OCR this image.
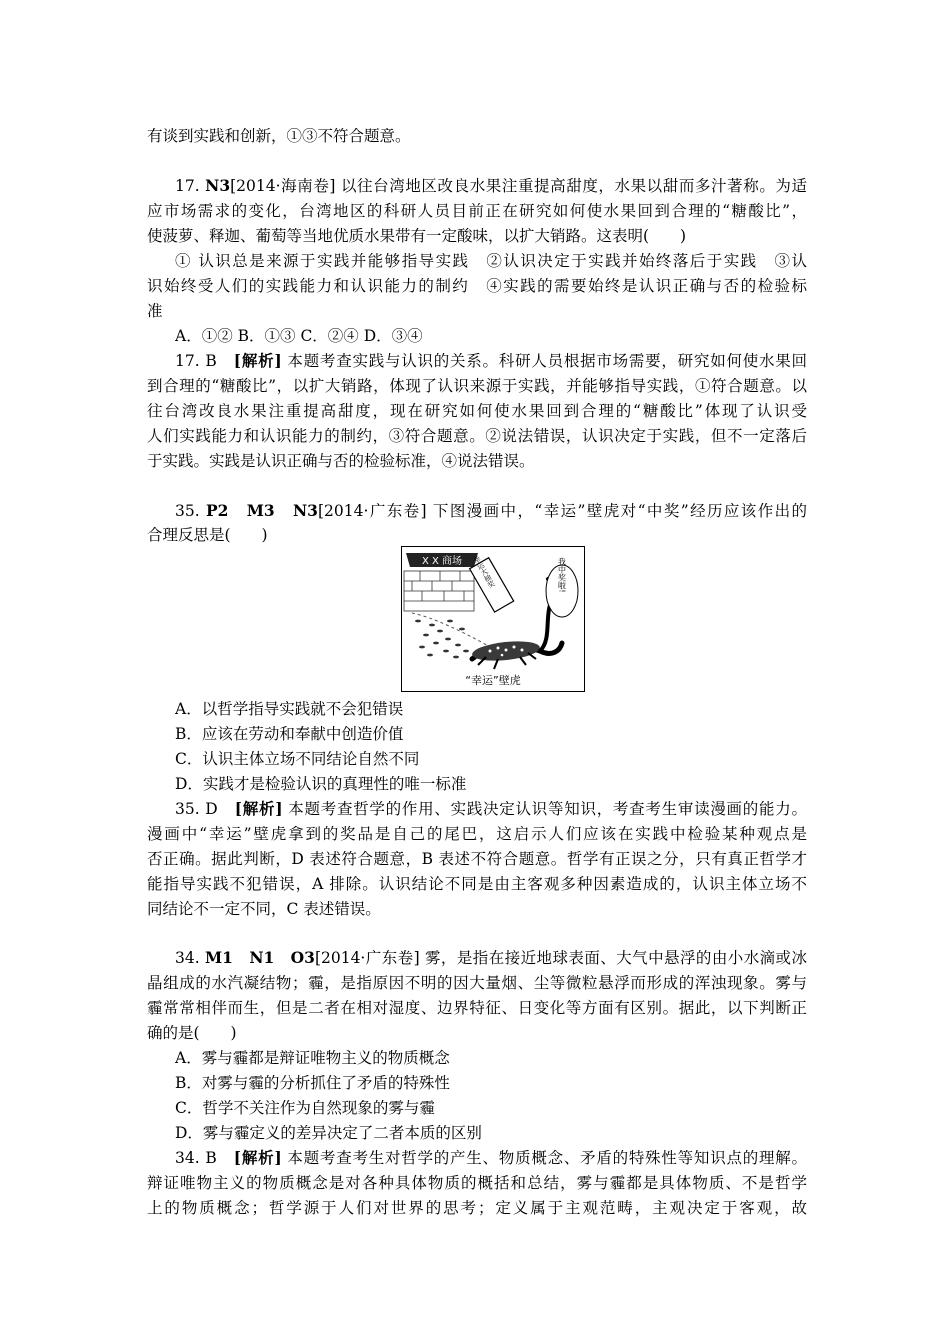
有谈到实践和创新，①③不符合题意。
17. N3[2014·海南卷] 以往台湾地区改良水果注重提高甜度，水果以甜而多汁著称。为适
应市场需求的变化，台湾地区的科研人员目前正在研究如何使水果回到合理的“糖酸比”，
使菠萝、释迦、葡萄等当地优质水果带有一定酸味，以扩大销路。这表明(　　)
① 认识总是来源于实践并能够指导实践　②认识决定于实践并始终落后于实践　③认
识始终受人们的实践能力和认识能力的制约　④实践的需要始终是认识正确与否的检验标
准
A．①② B．①③ C．②④ D．③④
17. B　[解析] 本题考查实践与认识的关系。科研人员根据市场需要，研究如何使水果回
到合理的“糖酸比”，以扩大销路，体现了认识来源于实践，并能够指导实践，①符合题意。以
往台湾改良水果注重提高甜度，现在研究如何使水果回到合理的“糖酸比”体现了认识受
人们实践能力和认识能力的制约，③符合题意。②说法错误，认识决定于实践，但不一定落后
于实践。实践是认识正确与否的检验标准，④说法错误。
35. P2　M3　N3[2014·广东卷] 下图漫画中，“幸运”壁虎对“中奖”经历应该作出的
合理反思是(　　)
X X 商场 幸运大抽奖	我中奖啦!
“幸运”壁虎
A．以哲学指导实践就不会犯错误
B．应该在劳动和奉献中创造价值
C．认识主体立场不同结论自然不同
D．实践才是检验认识的真理性的唯一标准
35. D　[解析] 本题考查哲学的作用、实践决定认识等知识，考查考生审读漫画的能力。
漫画中“幸运”壁虎拿到的奖品是自己的尾巴，这启示人们应该在实践中检验某种观点是
否正确。据此判断，D 表述符合题意，B 表述不符合题意。哲学有正误之分，只有真正哲学才
能指导实践不犯错误，A 排除。认识结论不同是由主客观多种因素造成的，认识主体立场不
同结论不一定不同，C 表述错误。
34. M1　N1　O3[2014·广东卷] 雾，是指在接近地球表面、大气中悬浮的由小水滴或冰
晶组成的水汽凝结物；霾，是指原因不明的因大量烟、尘等微粒悬浮而形成的浑浊现象。雾与
霾常常相伴而生，但是二者在相对湿度、边界特征、日变化等方面有区别。据此，以下判断正
确的是(　　)
A．雾与霾都是辩证唯物主义的物质概念
B．对雾与霾的分析抓住了矛盾的特殊性
C．哲学不关注作为自然现象的雾与霾
D．雾与霾定义的差异决定了二者本质的区别
34. B　[解析] 本题考查考生对哲学的产生、物质概念、矛盾的特殊性等知识点的理解。
辩证唯物主义的物质概念是对各种具体物质的概括和总结，雾与霾都是具体物质、不是哲学
上的物质概念；哲学源于人们对世界的思考；定义属于主观范畴，主观决定于客观，故
